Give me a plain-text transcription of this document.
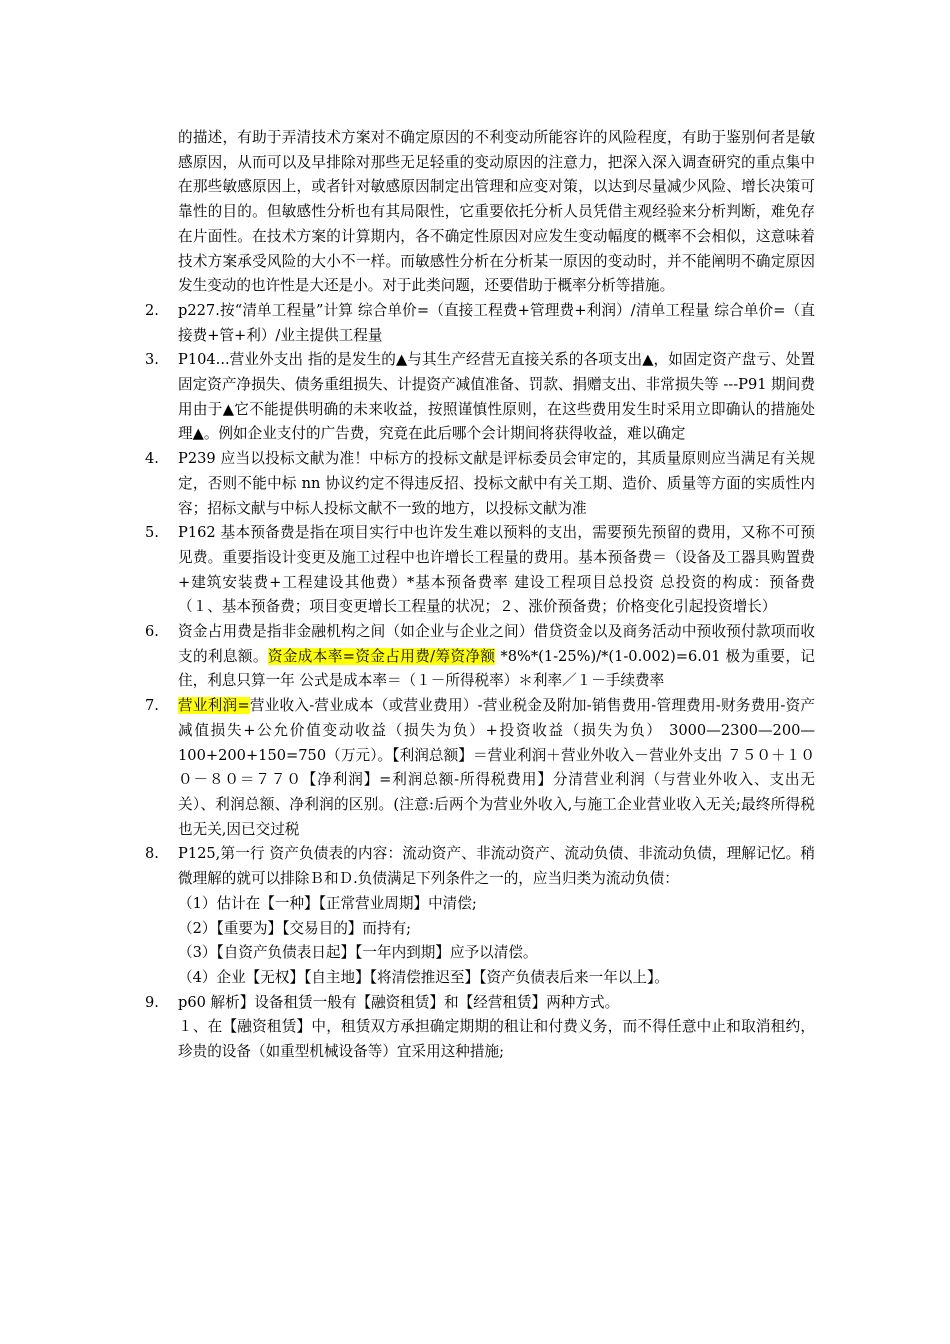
的描述，有助于弄清技术方案对不确定原因的不利变动所能容许的风险程度，有助于鉴别何者是敏感原因，从而可以及早排除对那些无足轻重的变动原因的注意力，把深入深入调查研究的重点集中在那些敏感原因上，或者针对敏感原因制定出管理和应变对策，以达到尽量减少风险、增长决策可靠性的目的。但敏感性分析也有其局限性，它重要依托分析人员凭借主观经验来分析判断，难免存在片面性。在技术方案的计算期内，各不确定性原因对应发生变动幅度的概率不会相似，这意味着技术方案承受风险的大小不一样。而敏感性分析在分析某一原因的变动时，并不能阐明不确定原因发生变动的也许性是大还是小。对于此类问题，还要借助于概率分析等措施。
2. p227.按“清单工程量”计算 综合单价=（直接工程费+管理费+利润）/清单工程量 综合单价=（直接费+管+利）/业主提供工程量
3. P104...营业外支出 指的是发生的▲与其生产经营无直接关系的各项支出▲，如固定资产盘亏、处置固定资产净损失、债务重组损失、计提资产减值准备、罚款、捐赠支出、非常损失等 ---P91 期间费用由于▲它不能提供明确的未来收益，按照谨慎性原则，在这些费用发生时采用立即确认的措施处理▲。例如企业支付的广告费，究竟在此后哪个会计期间将获得收益，难以确定
4. P239 应当以投标文献为准！中标方的投标文献是评标委员会审定的，其质量原则应当满足有关规定，否则不能中标 nn 协议约定不得违反招、投标文献中有关工期、造价、质量等方面的实质性内容；招标文献与中标人投标文献不一致的地方，以投标文献为准
5. P162 基本预备费是指在项目实行中也许发生难以预料的支出，需要预先预留的费用，又称不可预见费。重要指设计变更及施工过程中也许增长工程量的费用。基本预备费＝（设备及工器具购置费+建筑安装费+工程建设其他费）*基本预备费率 建设工程项目总投资 总投资的构成：预备费（１、基本预备费；项目变更增长工程量的状况；２、涨价预备费；价格变化引起投资增长）
6. 资金占用费是指非金融机构之间（如企业与企业之间）借贷资金以及商务活动中预收预付款项而收支的利息额。资金成本率=资金占用费/筹资净额 *8%*(1-25%)/*(1-0.002)=6.01 极为重要，记住，利息只算一年 公式是成本率＝（１－所得税率）＊利率／１－手续费率
7. 营业利润=营业收入-营业成本（或营业费用）-营业税金及附加-销售费用-管理费用-财务费用-资产减值损失+公允价值变动收益（损失为负）+投资收益（损失为负） 3000—2300—200—100+200+150=750（万元）。【利润总额】＝营业利润＋营业外收入－营业外支出 ７５０＋１００－８０＝７７０【净利润】=利润总额-所得税费用】分清营业利润（与营业外收入、支出无关）、利润总额、净利润的区别。(注意:后两个为营业外收入,与施工企业营业收入无关;最终所得税也无关,因已交过税
8. P125,第一行 资产负债表的内容：流动资产、非流动资产、流动负债、非流动负债，理解记忆。稍微理解的就可以排除Ｂ和Ｄ.负债满足下列条件之一的，应当归类为流动负债：
（1）估计在【一种】【正常营业周期】中清偿;
（2）【重要为】【交易目的】而持有;
（3）【自资产负债表日起】【一年内到期】应予以清偿。
（4）企业【无权】【自主地】【将清偿推迟至】【资产负债表后来一年以上】。
9. p60 解析】设备租赁一般有【融资租赁】和【经营租赁】两种方式。
１、在【融资租赁】中，租赁双方承担确定期期的租让和付费义务，而不得任意中止和取消租约，珍贵的设备（如重型机械设备等）宜采用这种措施;
